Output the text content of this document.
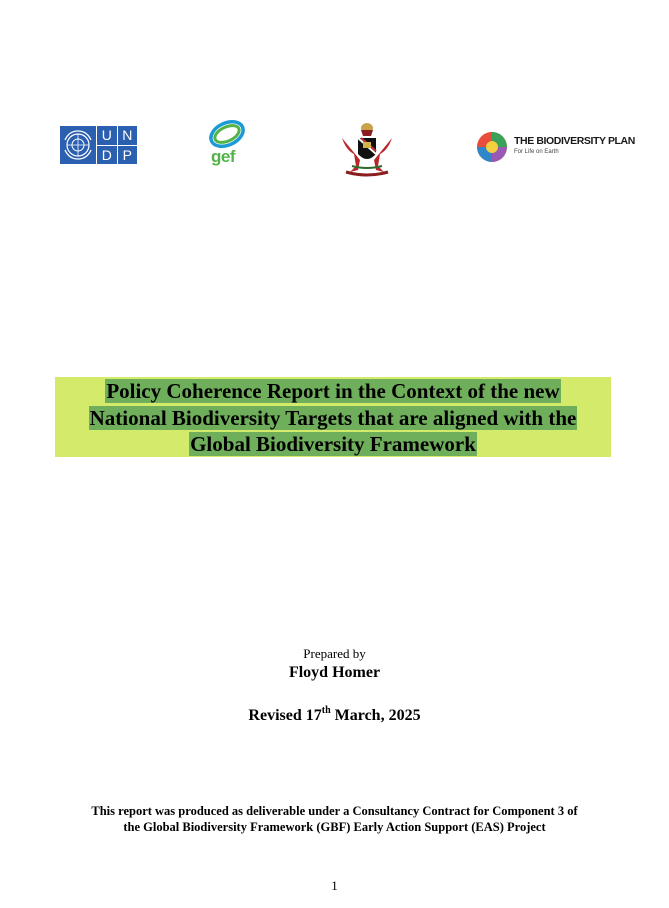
U N
D P	gef
THE BIODIVERSITY PLAN
For Life on Earth
Policy Coherence Report in the Context of the new
National Biodiversity Targets that are aligned with the
Global Biodiversity Framework
Prepared by
Floyd Homer
Revised 17th March, 2025
This report was produced as deliverable under a Consultancy Contract for Component 3 of
the Global Biodiversity Framework (GBF) Early Action Support (EAS) Project
1
